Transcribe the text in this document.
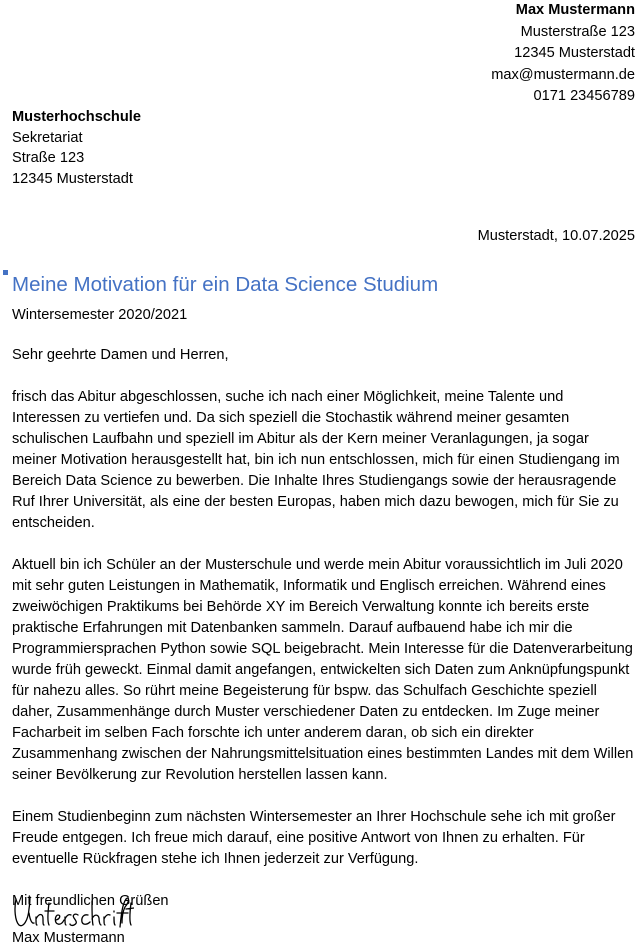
Max Mustermann
Musterstraße 123
12345 Musterstadt
max@mustermann.de
0171 23456789
Musterhochschule
Sekretariat
Straße 123
12345 Musterstadt
Musterstadt, 10.07.2025
Meine Motivation für ein Data Science Studium

Wintersemester 2020/2021

Sehr geehrte Damen und Herren,

frisch das Abitur abgeschlossen, suche ich nach einer Möglichkeit, meine Talente und Interessen zu vertiefen und. Da sich speziell die Stochastik während meiner gesamten schulischen Laufbahn und speziell im Abitur als der Kern meiner Veranlagungen, ja sogar meiner Motivation herausgestellt hat, bin ich nun entschlossen, mich für einen Studiengang im Bereich Data Science zu bewerben. Die Inhalte Ihres Studiengangs sowie der herausragende Ruf Ihrer Universität, als eine der besten Europas, haben mich dazu bewogen, mich für Sie zu entscheiden.

Aktuell bin ich Schüler an der Musterschule und werde mein Abitur voraussichtlich im Juli 2020 mit sehr guten Leistungen in Mathematik, Informatik und Englisch erreichen. Während eines zweiwöchigen Praktikums bei Behörde XY im Bereich Verwaltung konnte ich bereits erste praktische Erfahrungen mit Datenbanken sammeln. Darauf aufbauend habe ich mir die Programmiersprachen Python sowie SQL beigebracht. Mein Interesse für die Datenverarbeitung wurde früh geweckt. Einmal damit angefangen, entwickelten sich Daten zum Anknüpfungspunkt für nahezu alles. So rührt meine Begeisterung für bspw. das Schulfach Geschichte speziell daher, Zusammenhänge durch Muster verschiedener Daten zu entdecken. Im Zuge meiner Facharbeit im selben Fach forschte ich unter anderem daran, ob sich ein direkter Zusammenhang zwischen der Nahrungsmittelsituation eines bestimmten Landes mit dem Willen seiner Bevölkerung zur Revolution herstellen lassen kann.

Einem Studienbeginn zum nächsten Wintersemester an Ihrer Hochschule sehe ich mit großer Freude entgegen. Ich freue mich darauf, eine positive Antwort von Ihnen zu erhalten. Für eventuelle Rückfragen stehe ich Ihnen jederzeit zur Verfügung.

Mit freundlichen Grüßen

Max Mustermann
